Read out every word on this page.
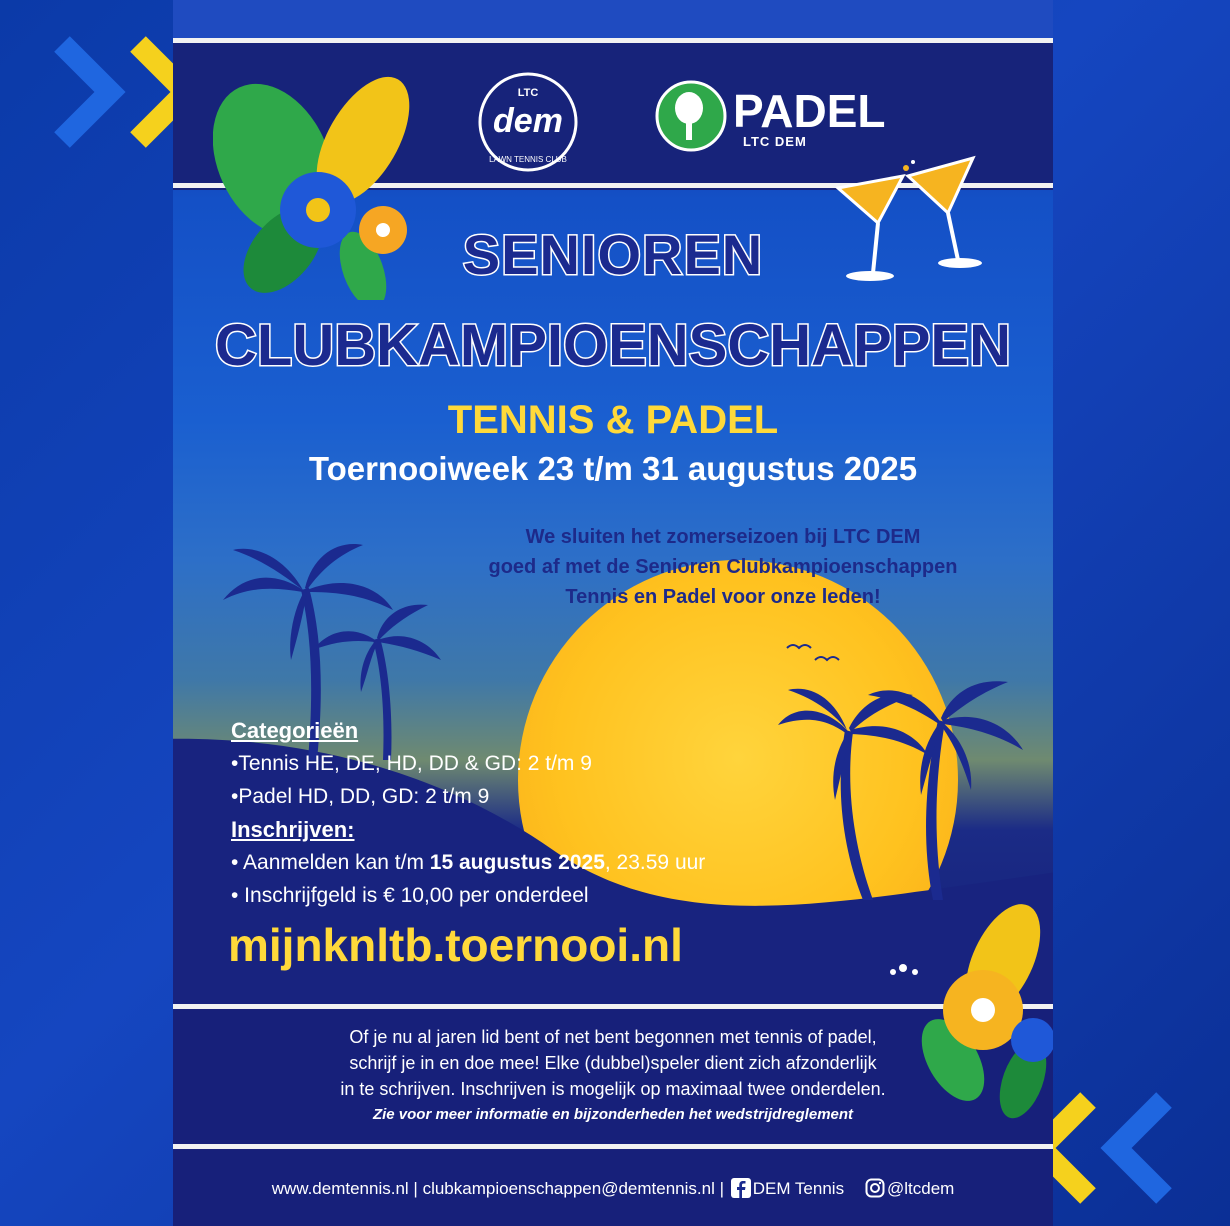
LTC
dem
LAWN TENNIS CLUB
PADEL
LTC DEM
SENIOREN
CLUBKAMPIOENSCHAPPEN
TENNIS & PADEL
Toernooiweek 23 t/m 31 augustus 2025
We sluiten het zomerseizoen bij LTC DEM
goed af met de Senioren Clubkampioenschappen
Tennis en Padel voor onze leden!
Categorieën
•Tennis HE, DE, HD, DD & GD: 2 t/m 9
•Padel HD, DD, GD: 2 t/m 9
Inschrijven:
• Aanmelden kan t/m 15 augustus 2025, 23.59 uur
• Inschrijfgeld is € 10,00 per onderdeel
mijnknltb.toernooi.nl
Of je nu al jaren lid bent of net bent begonnen met tennis of padel,
schrijf je in en doe mee! Elke (dubbel)speler dient zich afzonderlijk
in te schrijven. Inschrijven is mogelijk op maximaal twee onderdelen.
Zie voor meer informatie en bijzonderheden het wedstrijdreglement
www.demtennis.nl | clubkampioenschappen@demtennis.nl | DEM Tennis	@ltcdem
